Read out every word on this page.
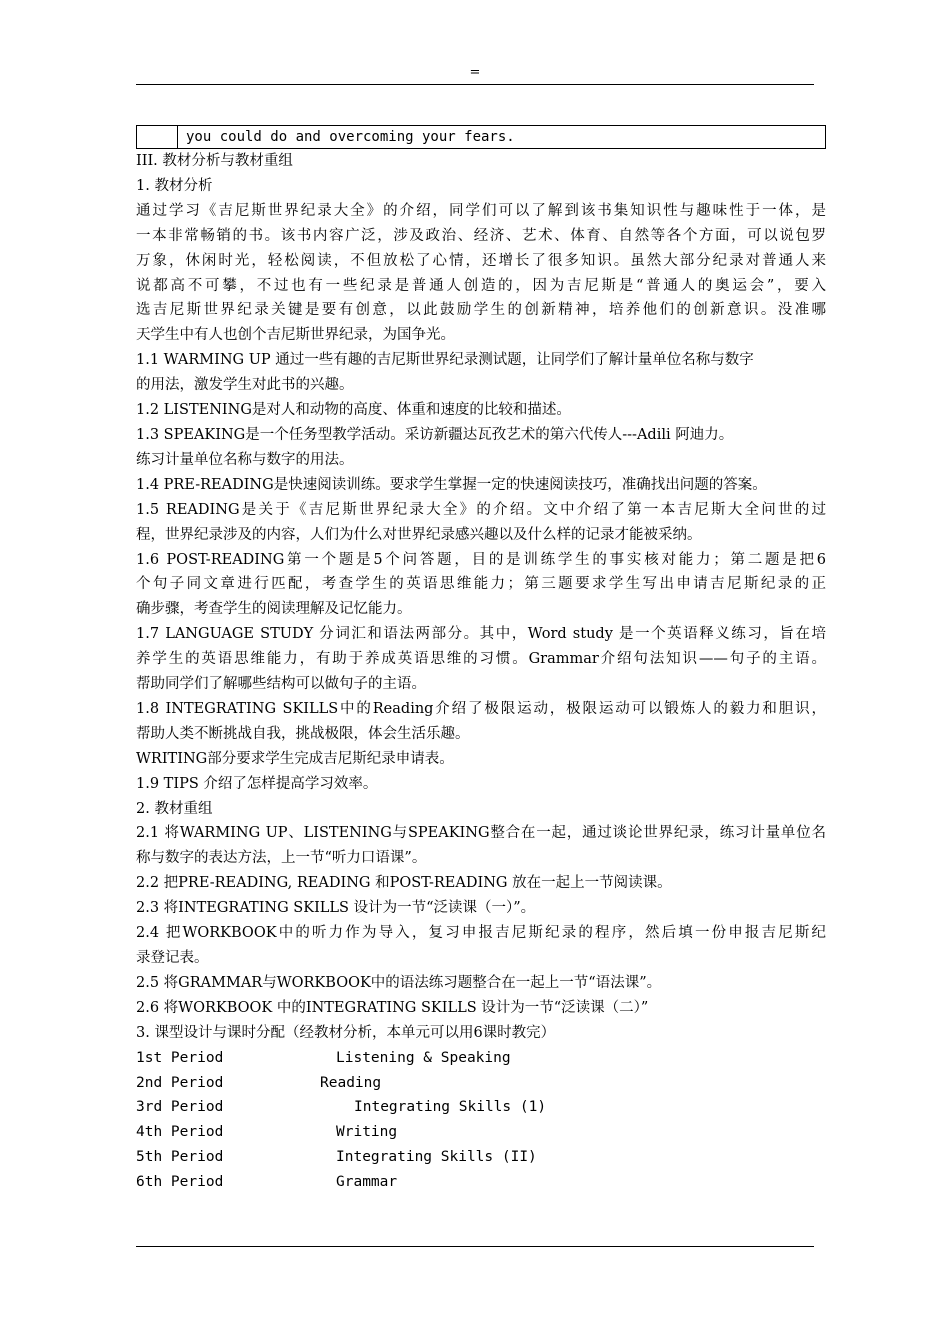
=
	you could do and overcoming your fears.

III. 教材分析与教材重组

1. 教材分析

通过学习《吉尼斯世界纪录大全》的介绍，同学们可以了解到该书集知识性与趣味性于一体，是

一本非常畅销的书。该书内容广泛，涉及政治、经济、艺术、体育、自然等各个方面，可以说包罗

万象，休闲时光，轻松阅读，不但放松了心情，还增长了很多知识。虽然大部分纪录对普通人来

说都高不可攀，不过也有一些纪录是普通人创造的，因为吉尼斯是“普通人的奥运会”，要入

选吉尼斯世界纪录关键是要有创意，以此鼓励学生的创新精神，培养他们的创新意识。没准哪

天学生中有人也创个吉尼斯世界纪录，为国争光。

1.1 WARMING UP 通过一些有趣的吉尼斯世界纪录测试题，让同学们了解计量单位名称与数字

的用法，激发学生对此书的兴趣。

1.2 LISTENING是对人和动物的高度、体重和速度的比较和描述。

1.3 SPEAKING是一个任务型教学活动。采访新疆达瓦孜艺术的第六代传人---Adili 阿迪力。

练习计量单位名称与数字的用法。

1.4 PRE-READING是快速阅读训练。要求学生掌握一定的快速阅读技巧，准确找出问题的答案。

1.5 READING是关于《吉尼斯世界纪录大全》的介绍。文中介绍了第一本吉尼斯大全问世的过

程，世界纪录涉及的内容，人们为什么对世界纪录感兴趣以及什么样的记录才能被采纳。

1.6 POST-READING第一个题是5个问答题，目的是训练学生的事实核对能力；第二题是把6

个句子同文章进行匹配，考查学生的英语思维能力；第三题要求学生写出申请吉尼斯纪录的正

确步骤，考查学生的阅读理解及记忆能力。

1.7 LANGUAGE STUDY 分词汇和语法两部分。其中，Word study 是一个英语释义练习，旨在培

养学生的英语思维能力，有助于养成英语思维的习惯。Grammar介绍句法知识——句子的主语。

帮助同学们了解哪些结构可以做句子的主语。

1.8 INTEGRATING SKILLS中的Reading介绍了极限运动，极限运动可以锻炼人的毅力和胆识，

帮助人类不断挑战自我，挑战极限，体会生活乐趣。

WRITING部分要求学生完成吉尼斯纪录申请表。

1.9 TIPS 介绍了怎样提高学习效率。

2. 教材重组

2.1 将WARMING UP、LISTENING与SPEAKING整合在一起，通过谈论世界纪录，练习计量单位名

称与数字的表达方法，上一节“听力口语课”。

2.2 把PRE-READING, READING 和POST-READING 放在一起上一节阅读课。

2.3 将INTEGRATING SKILLS 设计为一节“泛读课（一）”。

2.4 把WORKBOOK中的听力作为导入，复习申报吉尼斯纪录的程序，然后填一份申报吉尼斯纪

录登记表。

2.5 将GRAMMAR与WORKBOOK中的语法练习题整合在一起上一节“语法课”。

2.6 将WORKBOOK 中的INTEGRATING SKILLS 设计为一节“泛读课（二）”

3. 课型设计与课时分配（经教材分析，本单元可以用6课时教完）

1st Period	Listening & Speaking

2nd Period	Reading

3rd Period	Integrating Skills (1)

4th Period	Writing

5th Period	Integrating Skills (II)

6th Period	Grammar
